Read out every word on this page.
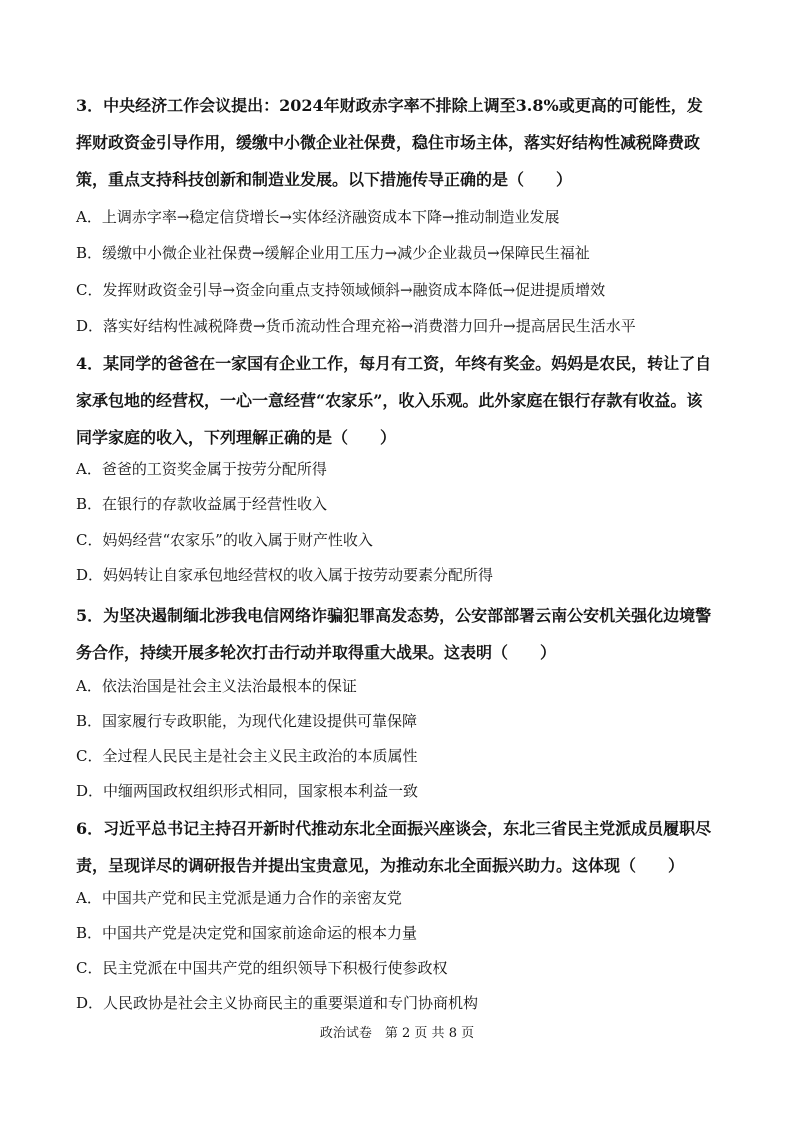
3．中央经济工作会议提出：2024年财政赤字率不排除上调至3.8%或更高的可能性，发挥财政资金引导作用，缓缴中小微企业社保费，稳住市场主体，落实好结构性减税降费政策，重点支持科技创新和制造业发展。以下措施传导正确的是（　　）
A．上调赤字率→稳定信贷增长→实体经济融资成本下降→推动制造业发展
B．缓缴中小微企业社保费→缓解企业用工压力→减少企业裁员→保障民生福祉
C．发挥财政资金引导→资金向重点支持领域倾斜→融资成本降低→促进提质增效
D．落实好结构性减税降费→货币流动性合理充裕→消费潜力回升→提高居民生活水平
4．某同学的爸爸在一家国有企业工作，每月有工资，年终有奖金。妈妈是农民，转让了自家承包地的经营权，一心一意经营“农家乐”，收入乐观。此外家庭在银行存款有收益。该同学家庭的收入，下列理解正确的是（　　）
A．爸爸的工资奖金属于按劳分配所得
B．在银行的存款收益属于经营性收入
C．妈妈经营“农家乐”的收入属于财产性收入
D．妈妈转让自家承包地经营权的收入属于按劳动要素分配所得
5．为坚决遏制缅北涉我电信网络诈骗犯罪高发态势，公安部部署云南公安机关强化边境警务合作，持续开展多轮次打击行动并取得重大战果。这表明（　　）
A．依法治国是社会主义法治最根本的保证
B．国家履行专政职能，为现代化建设提供可靠保障
C．全过程人民民主是社会主义民主政治的本质属性
D．中缅两国政权组织形式相同，国家根本利益一致
6．习近平总书记主持召开新时代推动东北全面振兴座谈会，东北三省民主党派成员履职尽责，呈现详尽的调研报告并提出宝贵意见，为推动东北全面振兴助力。这体现（　　）
A．中国共产党和民主党派是通力合作的亲密友党
B．中国共产党是决定党和国家前途命运的根本力量
C．民主党派在中国共产党的组织领导下积极行使参政权
D．人民政协是社会主义协商民主的重要渠道和专门协商机构
政治试卷　第 2 页 共 8 页
